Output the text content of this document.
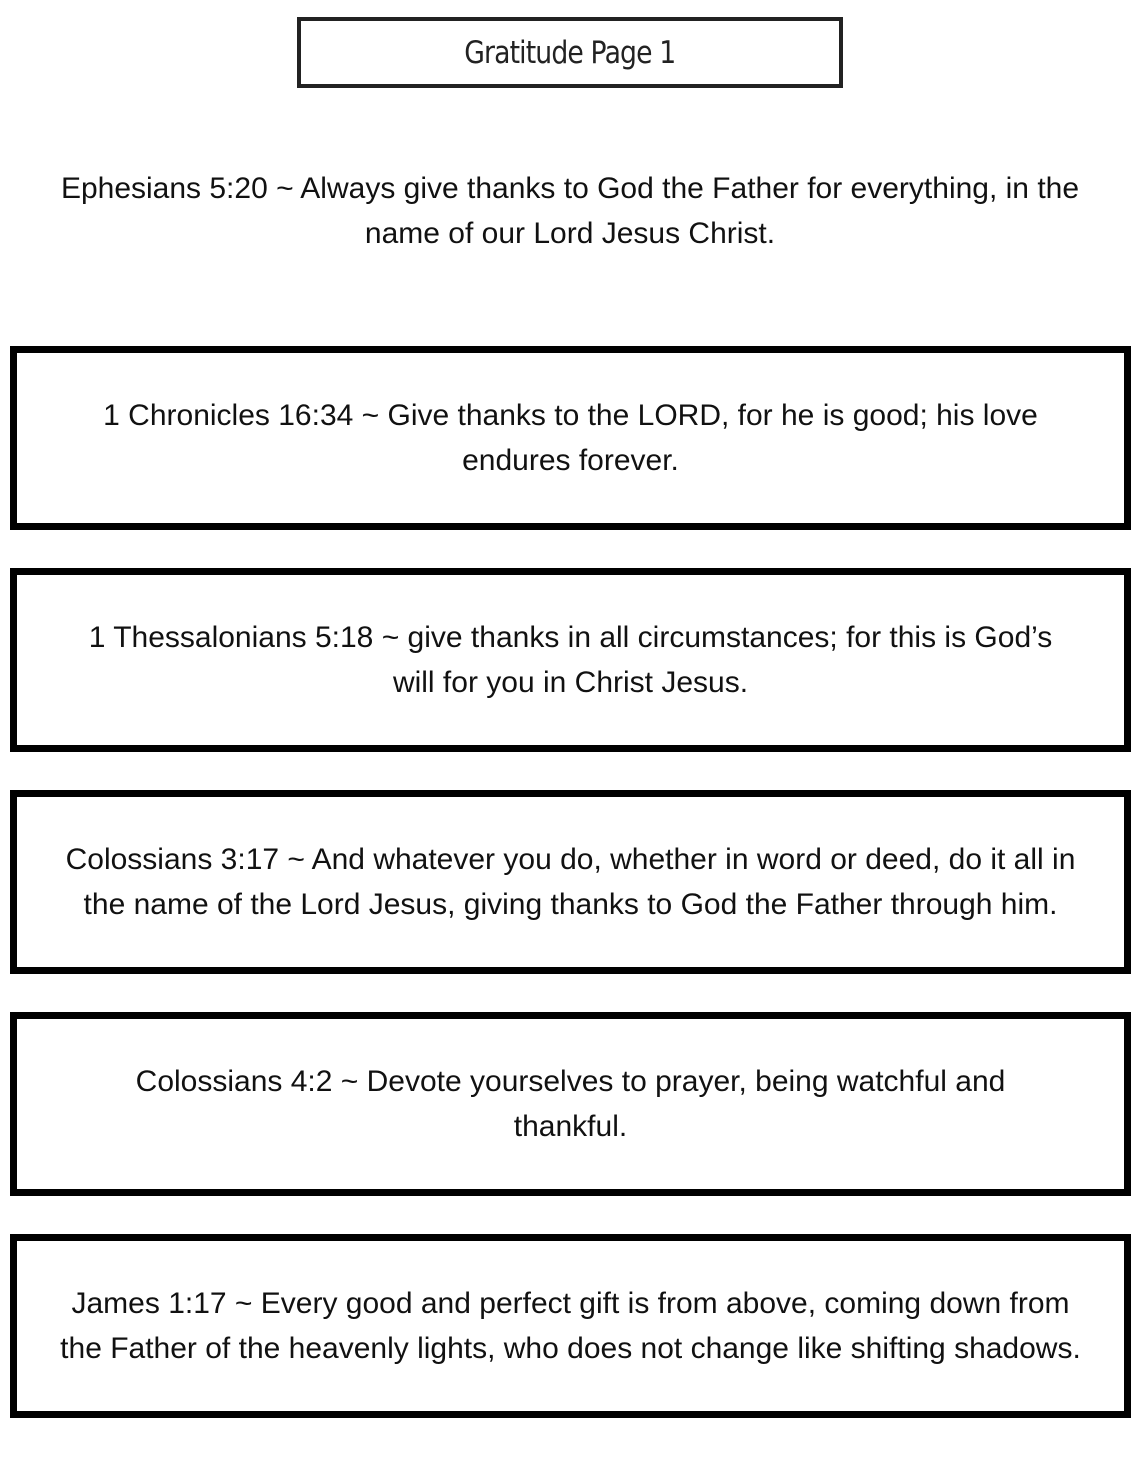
Gratitude Page 1
Ephesians 5:20 ~ Always give thanks to God the Father for everything, in the name of our Lord Jesus Christ.
1 Chronicles 16:34 ~ Give thanks to the LORD, for he is good; his love endures forever.
1 Thessalonians 5:18 ~ give thanks in all circumstances; for this is God’s will for you in Christ Jesus.
Colossians 3:17 ~ And whatever you do, whether in word or deed, do it all in the name of the Lord Jesus, giving thanks to God the Father through him.
Colossians 4:2 ~ Devote yourselves to prayer, being watchful and thankful.
James 1:17 ~ Every good and perfect gift is from above, coming down from the Father of the heavenly lights, who does not change like shifting shadows.
